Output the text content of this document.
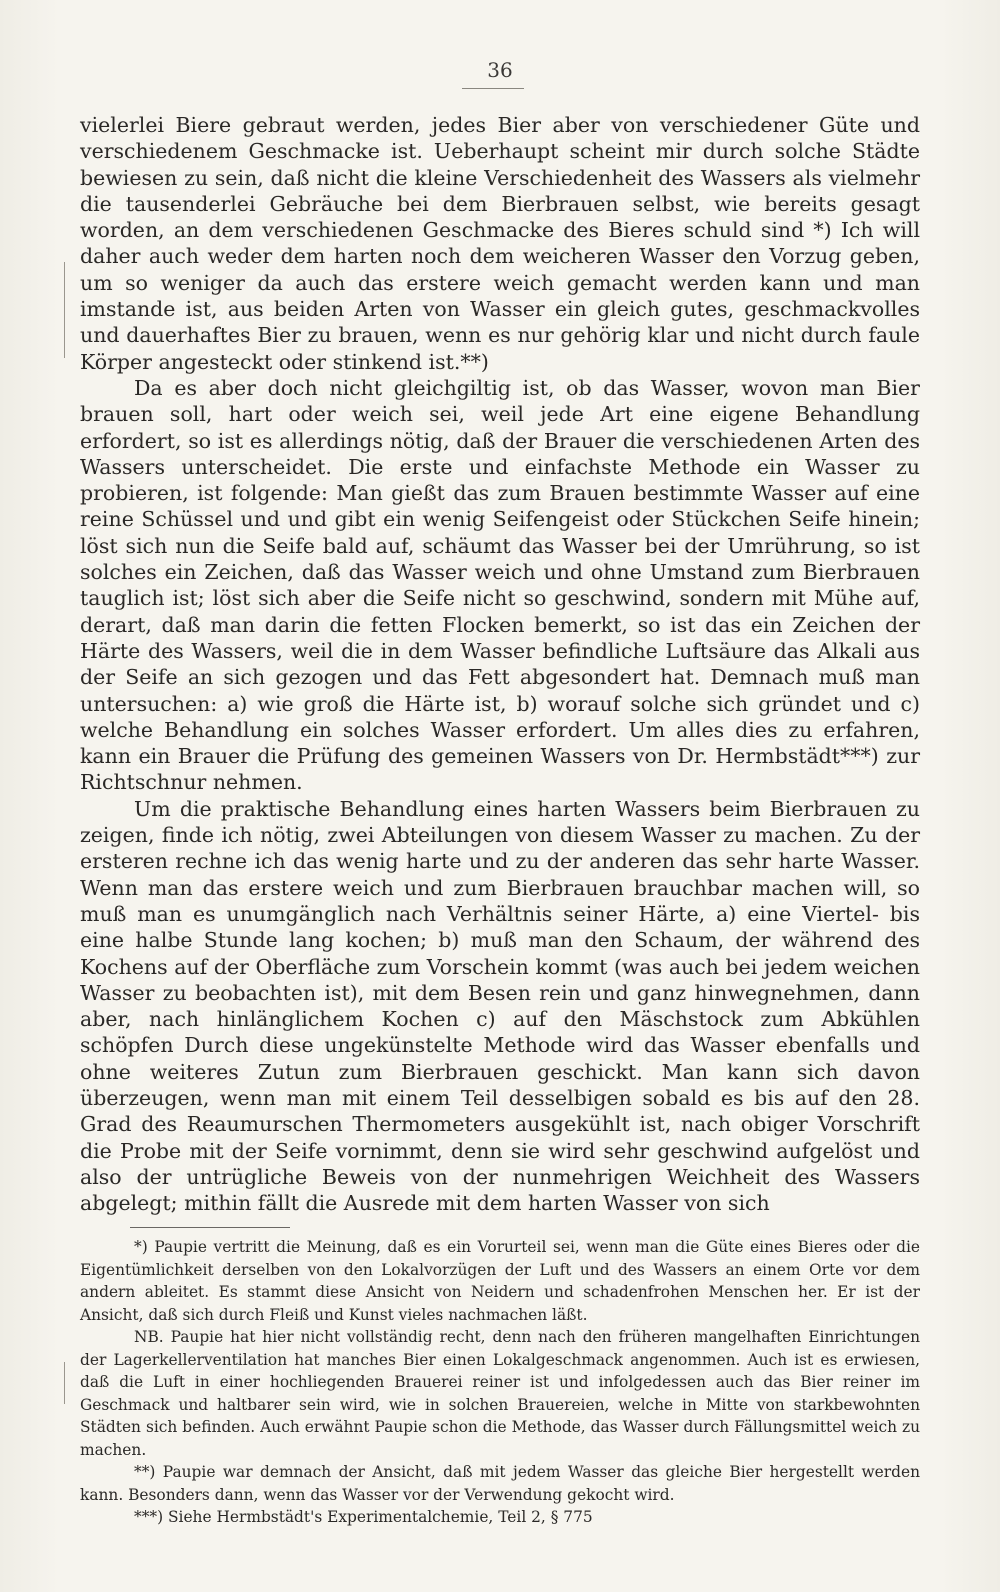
36

vielerlei Biere gebraut werden, jedes Bier aber von verschiedener Güte und verschiedenem Geschmacke ist. Ueberhaupt scheint mir durch solche Städte bewiesen zu sein, daß nicht die kleine Verschiedenheit des Wassers als vielmehr die tausenderlei Gebräuche bei dem Bierbrauen selbst, wie bereits gesagt worden, an dem verschiedenen Geschmacke des Bieres schuld sind *) Ich will daher auch weder dem harten noch dem weicheren Wasser den Vorzug geben, um so weniger da auch das erstere weich gemacht werden kann und man imstande ist, aus beiden Arten von Wasser ein gleich gutes, geschmackvolles und dauerhaftes Bier zu brauen, wenn es nur gehörig klar und nicht durch faule Körper angesteckt oder stinkend ist.**)

Da es aber doch nicht gleichgiltig ist, ob das Wasser, wovon man Bier brauen soll, hart oder weich sei, weil jede Art eine eigene Behandlung erfordert, so ist es allerdings nötig, daß der Brauer die verschiedenen Arten des Wassers unterscheidet. Die erste und einfachste Methode ein Wasser zu probieren, ist folgende: Man gießt das zum Brauen bestimmte Wasser auf eine reine Schüssel und und gibt ein wenig Seifengeist oder Stückchen Seife hinein; löst sich nun die Seife bald auf, schäumt das Wasser bei der Umrührung, so ist solches ein Zeichen, daß das Wasser weich und ohne Umstand zum Bierbrauen tauglich ist; löst sich aber die Seife nicht so geschwind, sondern mit Mühe auf, derart, daß man darin die fetten Flocken bemerkt, so ist das ein Zeichen der Härte des Wassers, weil die in dem Wasser befindliche Luftsäure das Alkali aus der Seife an sich gezogen und das Fett abgesondert hat. Demnach muß man untersuchen: a) wie groß die Härte ist, b) worauf solche sich gründet und c) welche Behandlung ein solches Wasser erfordert. Um alles dies zu erfahren, kann ein Brauer die Prüfung des gemeinen Wassers von Dr. Hermbstädt***) zur Richtschnur nehmen.

Um die praktische Behandlung eines harten Wassers beim Bierbrauen zu zeigen, finde ich nötig, zwei Abteilungen von diesem Wasser zu machen. Zu der ersteren rechne ich das wenig harte und zu der anderen das sehr harte Wasser. Wenn man das erstere weich und zum Bierbrauen brauchbar machen will, so muß man es unumgänglich nach Verhältnis seiner Härte, a) eine Viertel- bis eine halbe Stunde lang kochen; b) muß man den Schaum, der während des Kochens auf der Oberfläche zum Vorschein kommt (was auch bei jedem weichen Wasser zu beobachten ist), mit dem Besen rein und ganz hinwegnehmen, dann aber, nach hinlänglichem Kochen c) auf den Mäschstock zum Abkühlen schöpfen Durch diese ungekünstelte Methode wird das Wasser ebenfalls und ohne weiteres Zutun zum Bierbrauen geschickt. Man kann sich davon überzeugen, wenn man mit einem Teil desselbigen sobald es bis auf den 28. Grad des Reaumurschen Thermometers ausgekühlt ist, nach obiger Vorschrift die Probe mit der Seife vornimmt, denn sie wird sehr geschwind aufgelöst und also der untrügliche Beweis von der nunmehrigen Weichheit des Wassers abgelegt; mithin fällt die Ausrede mit dem harten Wasser von sich

*) Paupie vertritt die Meinung, daß es ein Vorurteil sei, wenn man die Güte eines Bieres oder die Eigentümlichkeit derselben von den Lokalvorzügen der Luft und des Wassers an einem Orte vor dem andern ableitet. Es stammt diese Ansicht von Neidern und schadenfrohen Menschen her. Er ist der Ansicht, daß sich durch Fleiß und Kunst vieles nachmachen läßt.

NB. Paupie hat hier nicht vollständig recht, denn nach den früheren mangelhaften Einrichtungen der Lagerkellerventilation hat manches Bier einen Lokalgeschmack angenommen. Auch ist es erwiesen, daß die Luft in einer hochliegenden Brauerei reiner ist und infolgedessen auch das Bier reiner im Geschmack und haltbarer sein wird, wie in solchen Brauereien, welche in Mitte von starkbewohnten Städten sich befinden. Auch erwähnt Paupie schon die Methode, das Wasser durch Fällungsmittel weich zu machen.

**) Paupie war demnach der Ansicht, daß mit jedem Wasser das gleiche Bier hergestellt werden kann. Besonders dann, wenn das Wasser vor der Verwendung gekocht wird.

***) Siehe Hermbstädt's Experimentalchemie, Teil 2, § 775
